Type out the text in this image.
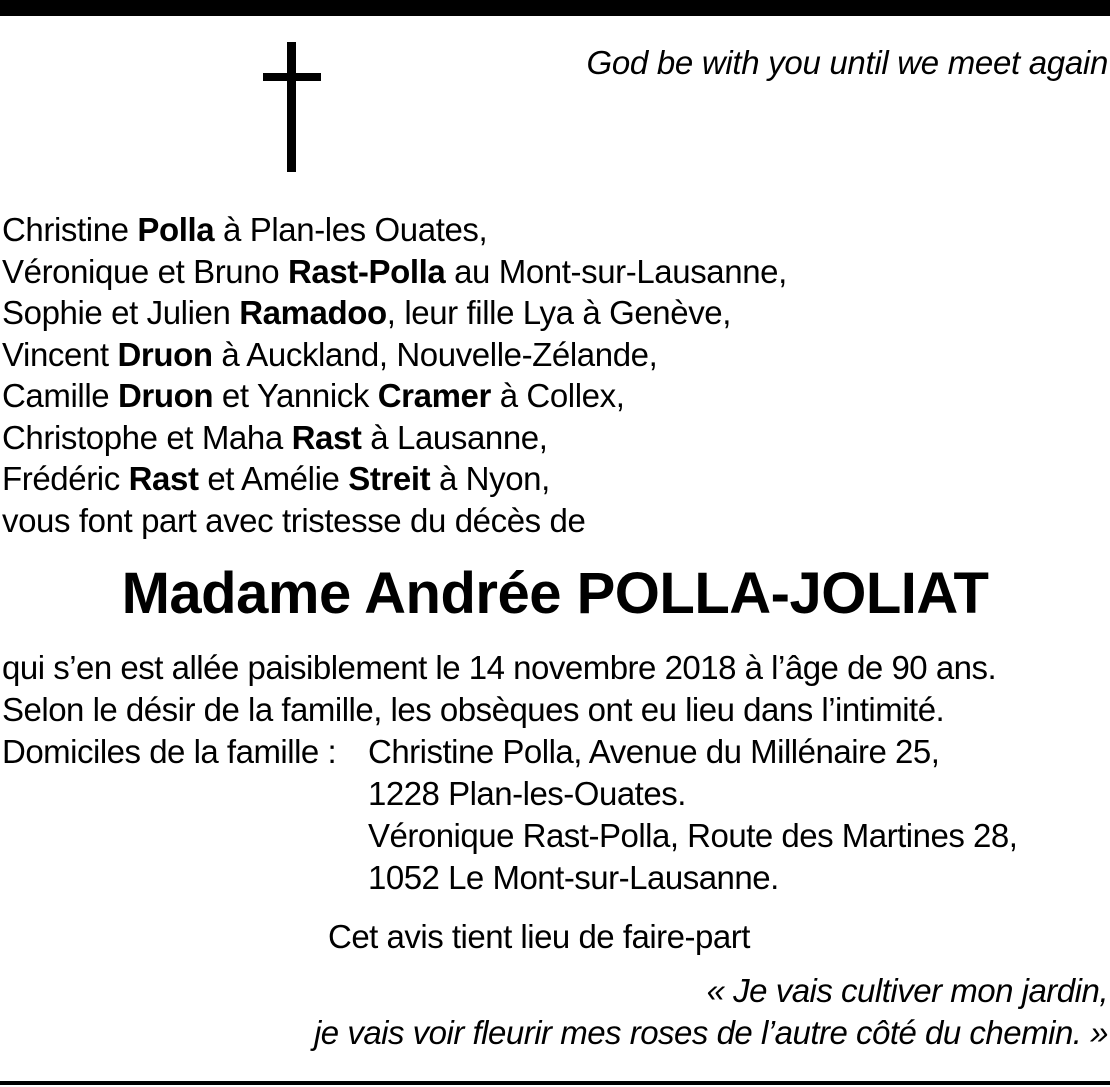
God be with you until we meet again
Christine Polla à Plan-les Ouates,
Véronique et Bruno Rast-Polla au Mont-sur-Lausanne,
Sophie et Julien Ramadoo, leur fille Lya à Genève,
Vincent Druon à Auckland, Nouvelle-Zélande,
Camille Druon et Yannick Cramer à Collex,
Christophe et Maha Rast à Lausanne,
Frédéric Rast et Amélie Streit à Nyon,
vous font part avec tristesse du décès de
Madame Andrée POLLA-JOLIAT
qui s’en est allée paisiblement le 14 novembre 2018 à l’âge de 90 ans.
Selon le désir de la famille, les obsèques ont eu lieu dans l’intimité.
Domiciles de la famille : Christine Polla, Avenue du Millénaire 25,
1228 Plan-les-Ouates.
Véronique Rast-Polla, Route des Martines 28,
1052 Le Mont-sur-Lausanne.
Cet avis tient lieu de faire-part
« Je vais cultiver mon jardin,
je vais voir fleurir mes roses de l’autre côté du chemin. »
